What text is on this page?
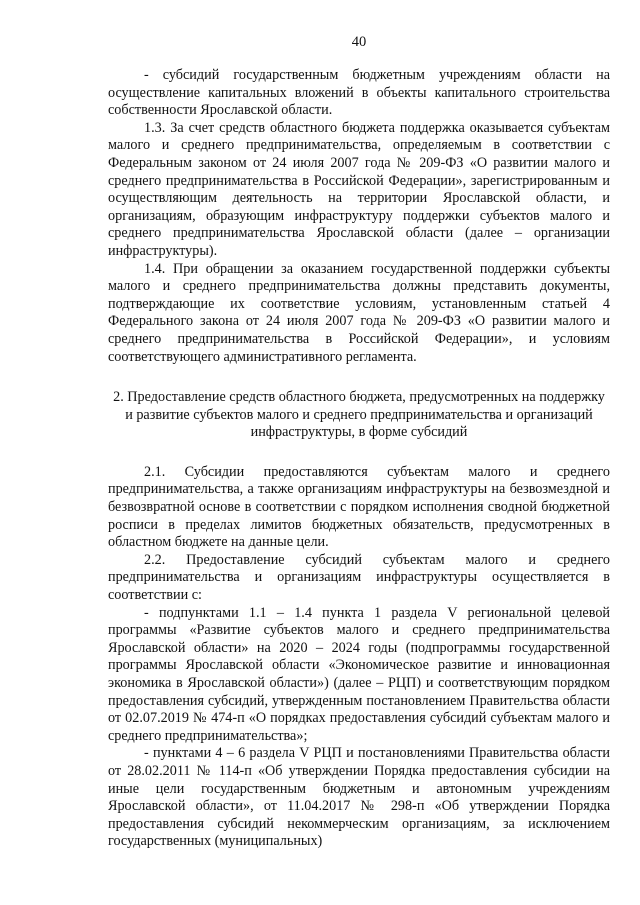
40

- субсидий государственным бюджетным учреждениям области на осуществление капитальных вложений в объекты капитального строительства собственности Ярославской области.

1.3. За счет средств областного бюджета поддержка оказывается субъектам малого и среднего предпринимательства, определяемым в соответствии с Федеральным законом от 24 июля 2007 года № 209-ФЗ «О развитии малого и среднего предпринимательства в Российской Федерации», зарегистрированным и осуществляющим деятельность на территории Ярославской области, и организациям, образующим инфраструктуру поддержки субъектов малого и среднего предпринимательства Ярославской области (далее – организации инфраструктуры).

1.4. При обращении за оказанием государственной поддержки субъекты малого и среднего предпринимательства должны представить документы, подтверждающие их соответствие условиям, установленным статьей 4 Федерального закона от 24 июля 2007 года № 209-ФЗ «О развитии малого и среднего предпринимательства в Российской Федерации», и условиям соответствующего административного регламента.

2. Предоставление средств областного бюджета, предусмотренных на поддержку и развитие субъектов малого и среднего предпринимательства и организаций инфраструктуры, в форме субсидий

2.1. Субсидии предоставляются субъектам малого и среднего предпринимательства, а также организациям инфраструктуры на безвозмездной и безвозвратной основе в соответствии с порядком исполнения сводной бюджетной росписи в пределах лимитов бюджетных обязательств, предусмотренных в областном бюджете на данные цели.

2.2. Предоставление субсидий субъектам малого и среднего предпринимательства и организациям инфраструктуры осуществляется в соответствии с:

- подпунктами 1.1 – 1.4 пункта 1 раздела V региональной целевой программы «Развитие субъектов малого и среднего предпринимательства Ярославской области» на 2020 – 2024 годы (подпрограммы государственной программы Ярославской области «Экономическое развитие и инновационная экономика в Ярославской области») (далее – РЦП) и соответствующим порядком предоставления субсидий, утвержденным постановлением Правительства области от 02.07.2019 № 474-п «О порядках предоставления субсидий субъектам малого и среднего предпринимательства»;

- пунктами 4 – 6 раздела V РЦП и постановлениями Правительства области от 28.02.2011 № 114-п «Об утверждении Порядка предоставления субсидии на иные цели государственным бюджетным и автономным учреждениям Ярославской области», от 11.04.2017 № 298-п «Об утверждении Порядка предоставления субсидий некоммерческим организациям, за исключением государственных (муниципальных)
